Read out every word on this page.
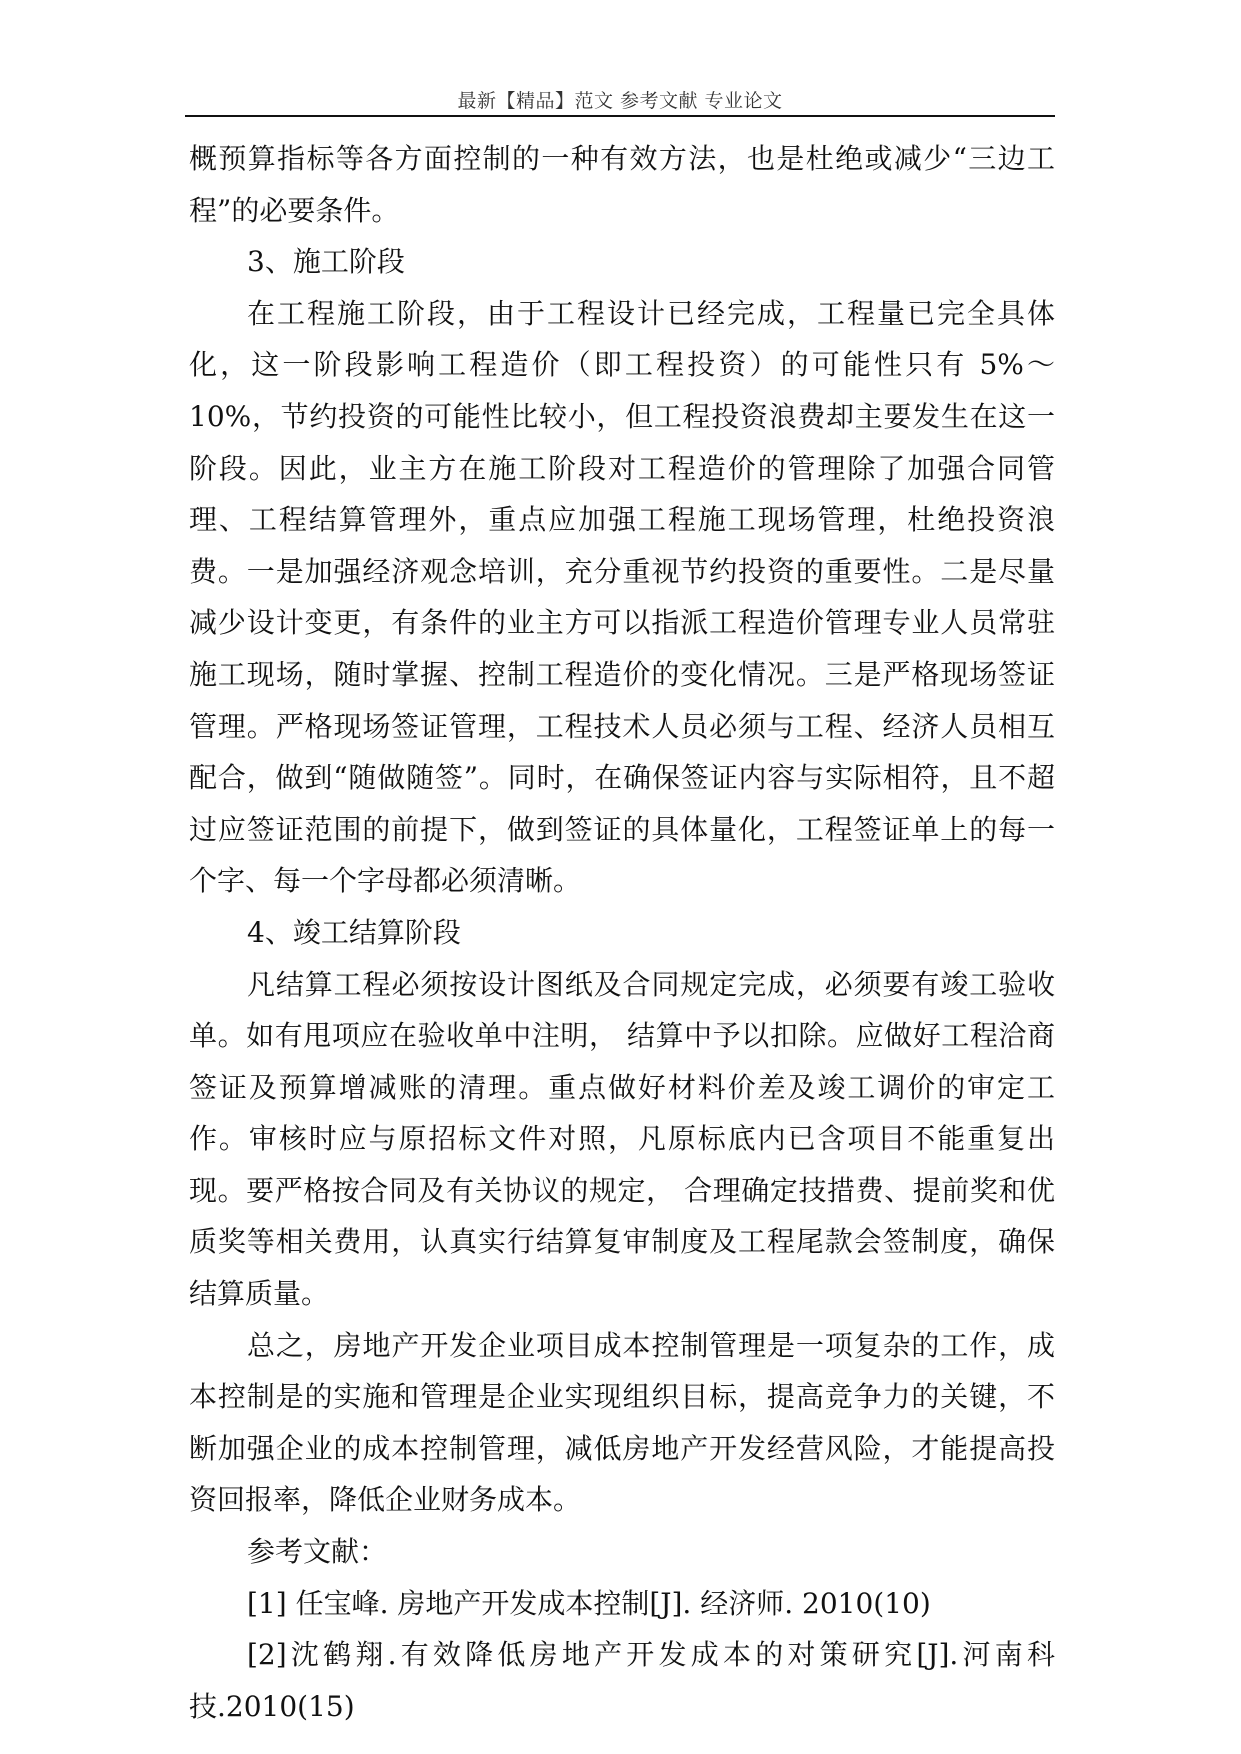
最新【精品】范文 参考文献 专业论文

概预算指标等各方面控制的一种有效方法，也是杜绝或减少“三边工程”的必要条件。

3、施工阶段

在工程施工阶段，由于工程设计已经完成，工程量已完全具体化，这一阶段影响工程造价（即工程投资）的可能性只有 5%～10%，节约投资的可能性比较小，但工程投资浪费却主要发生在这一阶段。因此，业主方在施工阶段对工程造价的管理除了加强合同管理、工程结算管理外，重点应加强工程施工现场管理，杜绝投资浪费。一是加强经济观念培训，充分重视节约投资的重要性。二是尽量减少设计变更，有条件的业主方可以指派工程造价管理专业人员常驻施工现场，随时掌握、控制工程造价的变化情况。三是严格现场签证管理。严格现场签证管理，工程技术人员必须与工程、经济人员相互配合，做到“随做随签”。同时，在确保签证内容与实际相符，且不超过应签证范围的前提下，做到签证的具体量化，工程签证单上的每一个字、每一个字母都必须清晰。

4、竣工结算阶段

凡结算工程必须按设计图纸及合同规定完成，必须要有竣工验收单。如有甩项应在验收单中注明， 结算中予以扣除。应做好工程洽商签证及预算增减账的清理。重点做好材料价差及竣工调价的审定工作。审核时应与原招标文件对照，凡原标底内已含项目不能重复出现。要严格按合同及有关协议的规定， 合理确定技措费、提前奖和优质奖等相关费用，认真实行结算复审制度及工程尾款会签制度，确保结算质量。

总之，房地产开发企业项目成本控制管理是一项复杂的工作，成本控制是的实施和管理是企业实现组织目标，提高竞争力的关键，不断加强企业的成本控制管理，减低房地产开发经营风险，才能提高投资回报率，降低企业财务成本。

参考文献：

[1] 任宝峰. 房地产开发成本控制[J]. 经济师. 2010(10)

[2]沈鹤翔.有效降低房地产开发成本的对策研究[J].河南科技.2010(15)
